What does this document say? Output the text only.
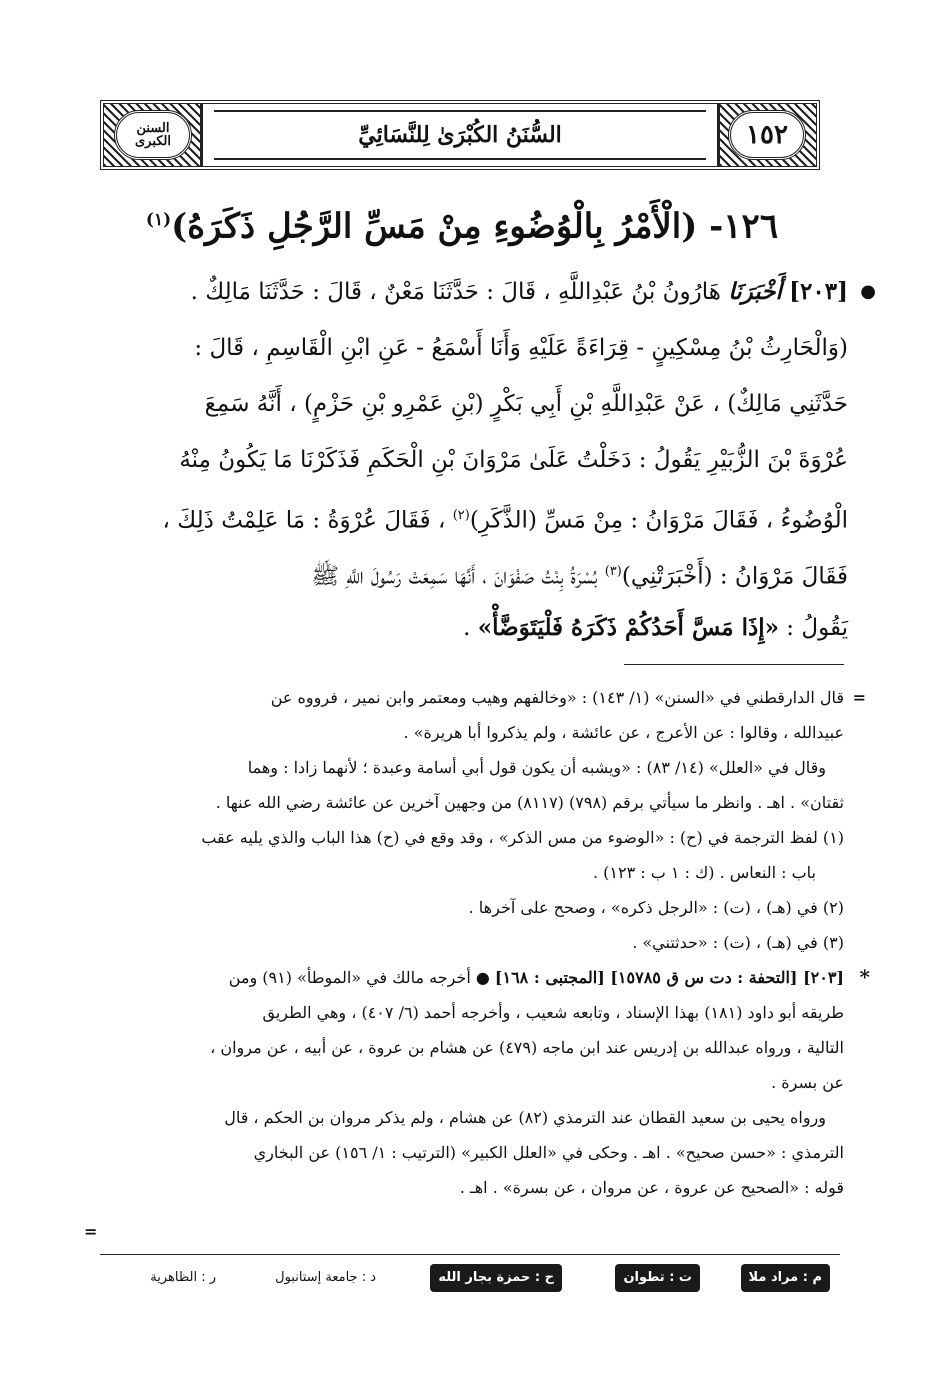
السنن الكبرى	١٥٢
السُّنَنُ الكُبْرَىٰ لِلنَّسَائِيِّ
١٢٦- (الْأَمْرُ بِالْوُضُوءِ مِنْ مَسِّ الرَّجُلِ ذَكَرَهُ)$^{(١)}$
●
[٢٠٣] أَخْبَرَنَا هَارُونُ بْنُ عَبْدِاللَّهِ ، قَالَ : حَدَّثَنَا مَعْنٌ ، قَالَ : حَدَّثَنَا مَالِكٌ .
(وَالْحَارِثُ بْنُ مِسْكِينٍ - قِرَاءَةً عَلَيْهِ وَأَنَا أَسْمَعُ - عَنِ ابْنِ الْقَاسِمِ ، قَالَ :
حَدَّثَنِي مَالِكٌ) ، عَنْ عَبْدِاللَّهِ بْنِ أَبِي بَكْرٍ (بْنِ عَمْرِو بْنِ حَزْمٍ) ، أَنَّهُ سَمِعَ
عُرْوَةَ بْنَ الزُّبَيْرِ يَقُولُ : دَخَلْتُ عَلَىٰ مَرْوَانَ بْنِ الْحَكَمِ فَذَكَرْنَا مَا يَكُونُ مِنْهُ
الْوُضُوءُ ، فَقَالَ مَرْوَانُ : مِنْ مَسِّ (الذَّكَرِ)$^{(٢)}$ ، فَقَالَ عُرْوَةُ : مَا عَلِمْتُ ذَلِكَ ،
فَقَالَ مَرْوَانُ : (أَخْبَرَتْنِي)$^{(٣)}$ بُسْرَةُ بِنْتُ صَفْوَانَ ، أَنَّهَا سَمِعَتْ رَسُولَ اللَّهِ ﷺ
يَقُولُ : «إِذَا مَسَّ أَحَدُكُمْ ذَكَرَهُ فَلْيَتَوَضَّأْ» .
=
قال الدارقطني في «السنن» (١/ ١٤٣) : «وخالفهم وهيب ومعتمر وابن نمير ، فرووه عن
عبيدالله ، وقالوا : عن الأعرج ، عن عائشة ، ولم يذكروا أبا هريرة» .
وقال في «العلل» (١٤/ ٨٣) : «ويشبه أن يكون قول أبي أسامة وعبدة ؛ لأنهما زادا : وهما
ثقتان» . اهـ . وانظر ما سيأتي برقم (٧٩٨) (٨١١٧) من وجهين آخرين عن عائشة رضي الله عنها .
(١) لفظ الترجمة في (ح) : «الوضوء من مس الذكر» ، وقد وقع في (ح) هذا الباب والذي يليه عقب
باب : النعاس . (ك : ١ ب : ١٢٣) .
(٢) في (هـ) ، (ت) : «الرجل ذكره» ، وصحح على آخرها .
(٣) في (هـ) ، (ت) : «حدثتني» .
*
[٢٠٣] [التحفة : دت س ق ١٥٧٨٥] [المجتبى : ١٦٨] ● أخرجه مالك في «الموطأ» (٩١) ومن
طريقه أبو داود (١٨١) بهذا الإسناد ، وتابعه شعيب ، وأخرجه أحمد (٦/ ٤٠٧) ، وهي الطريق
التالية ، ورواه عبدالله بن إدريس عند ابن ماجه (٤٧٩) عن هشام بن عروة ، عن أبيه ، عن مروان ،
عن بسرة .
ورواه يحيى بن سعيد القطان عند الترمذي (٨٢) عن هشام ، ولم يذكر مروان بن الحكم ، قال
الترمذي : «حسن صحيح» . اهـ . وحكى في «العلل الكبير» (الترتيب : ١/ ١٥٦) عن البخاري
قوله : «الصحيح عن عروة ، عن مروان ، عن بسرة» . اهـ .
=
م : مراد ملا
ت : تطوان
ح : حمزة بجار الله
د : جامعة إستانبول
ر : الظاهرية
